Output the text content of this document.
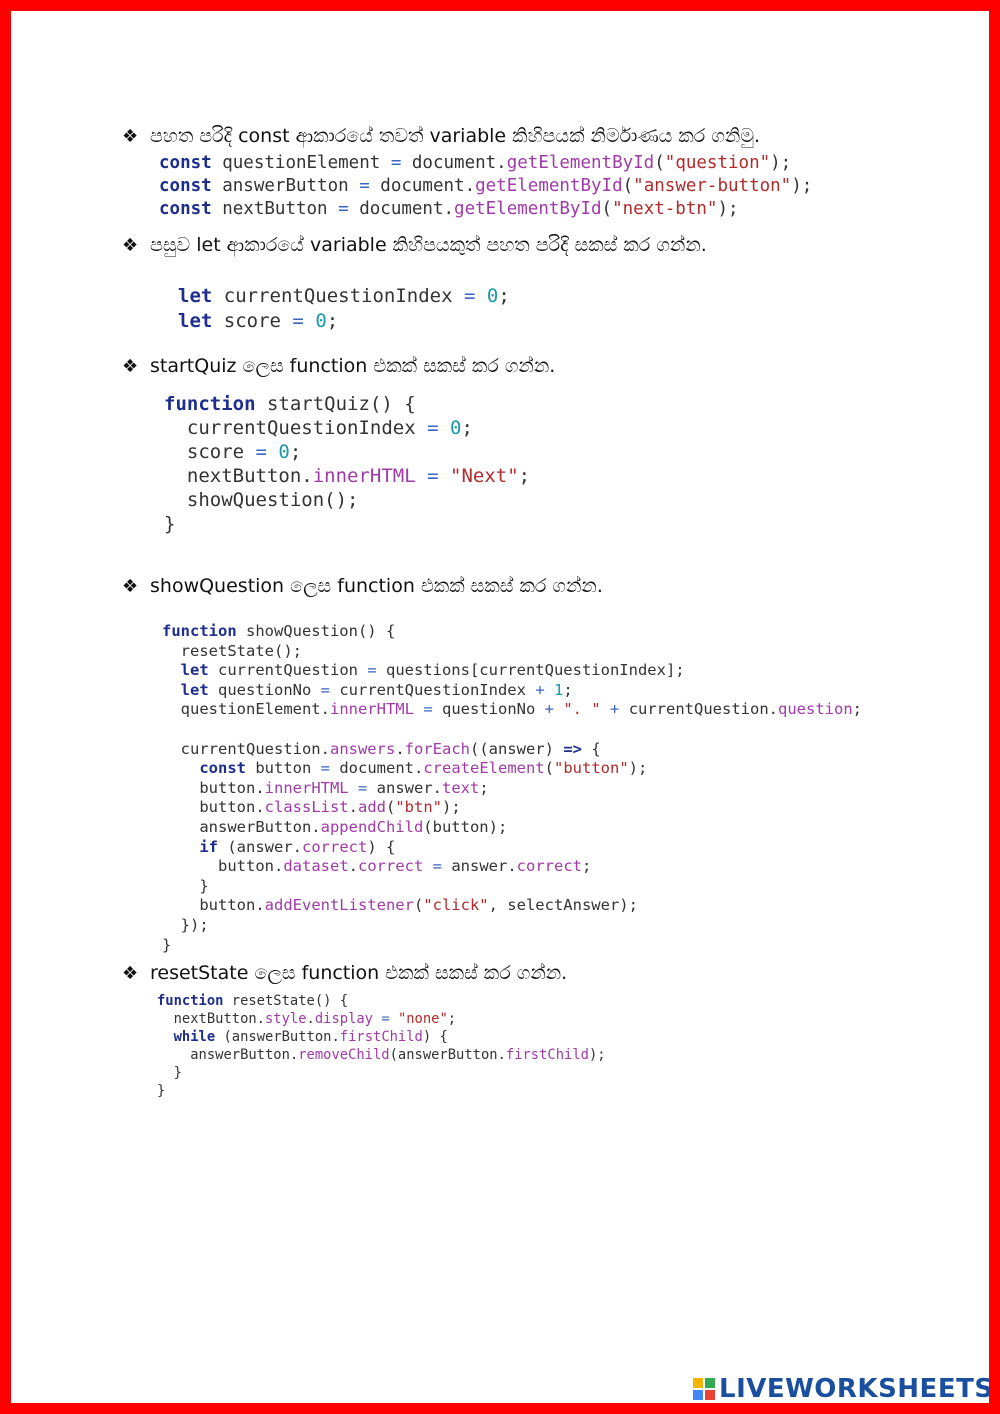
❖ පහත පරිදි const ආකාරයේ තවත් variable කිහිපයක් නිර්මාණය කර ගනිමු.
const questionElement = document.getElementById("question");
const answerButton = document.getElementById("answer-button");
const nextButton = document.getElementById("next-btn");
❖ පසුව let ආකාරයේ variable කිහිපයකුත් පහත පරිදි සකස් කර ගන්න.
let currentQuestionIndex = 0;
let score = 0;
❖ startQuiz ලෙස function එකක් සකස් කර ගන්න.
function startQuiz() {
currentQuestionIndex = 0;
score = 0;
nextButton.innerHTML = "Next";
showQuestion();
}
❖ showQuestion ලෙස function එකක් සකස් කර ගන්න.
function showQuestion() {
resetState();
let currentQuestion = questions[currentQuestionIndex];
let questionNo = currentQuestionIndex + 1;
questionElement.innerHTML = questionNo + ". " + currentQuestion.question;

currentQuestion.answers.forEach((answer) => {
const button = document.createElement("button");
button.innerHTML = answer.text;
button.classList.add("btn");
answerButton.appendChild(button);
if (answer.correct) {
button.dataset.correct = answer.correct;
}
button.addEventListener("click", selectAnswer);
});
}
❖ resetState ලෙස function එකක් සකස් කර ගන්න.
function resetState() {
nextButton.style.display = "none";
while (answerButton.firstChild) {
answerButton.removeChild(answerButton.firstChild);
}
}
LIVEWORKSHEETS
